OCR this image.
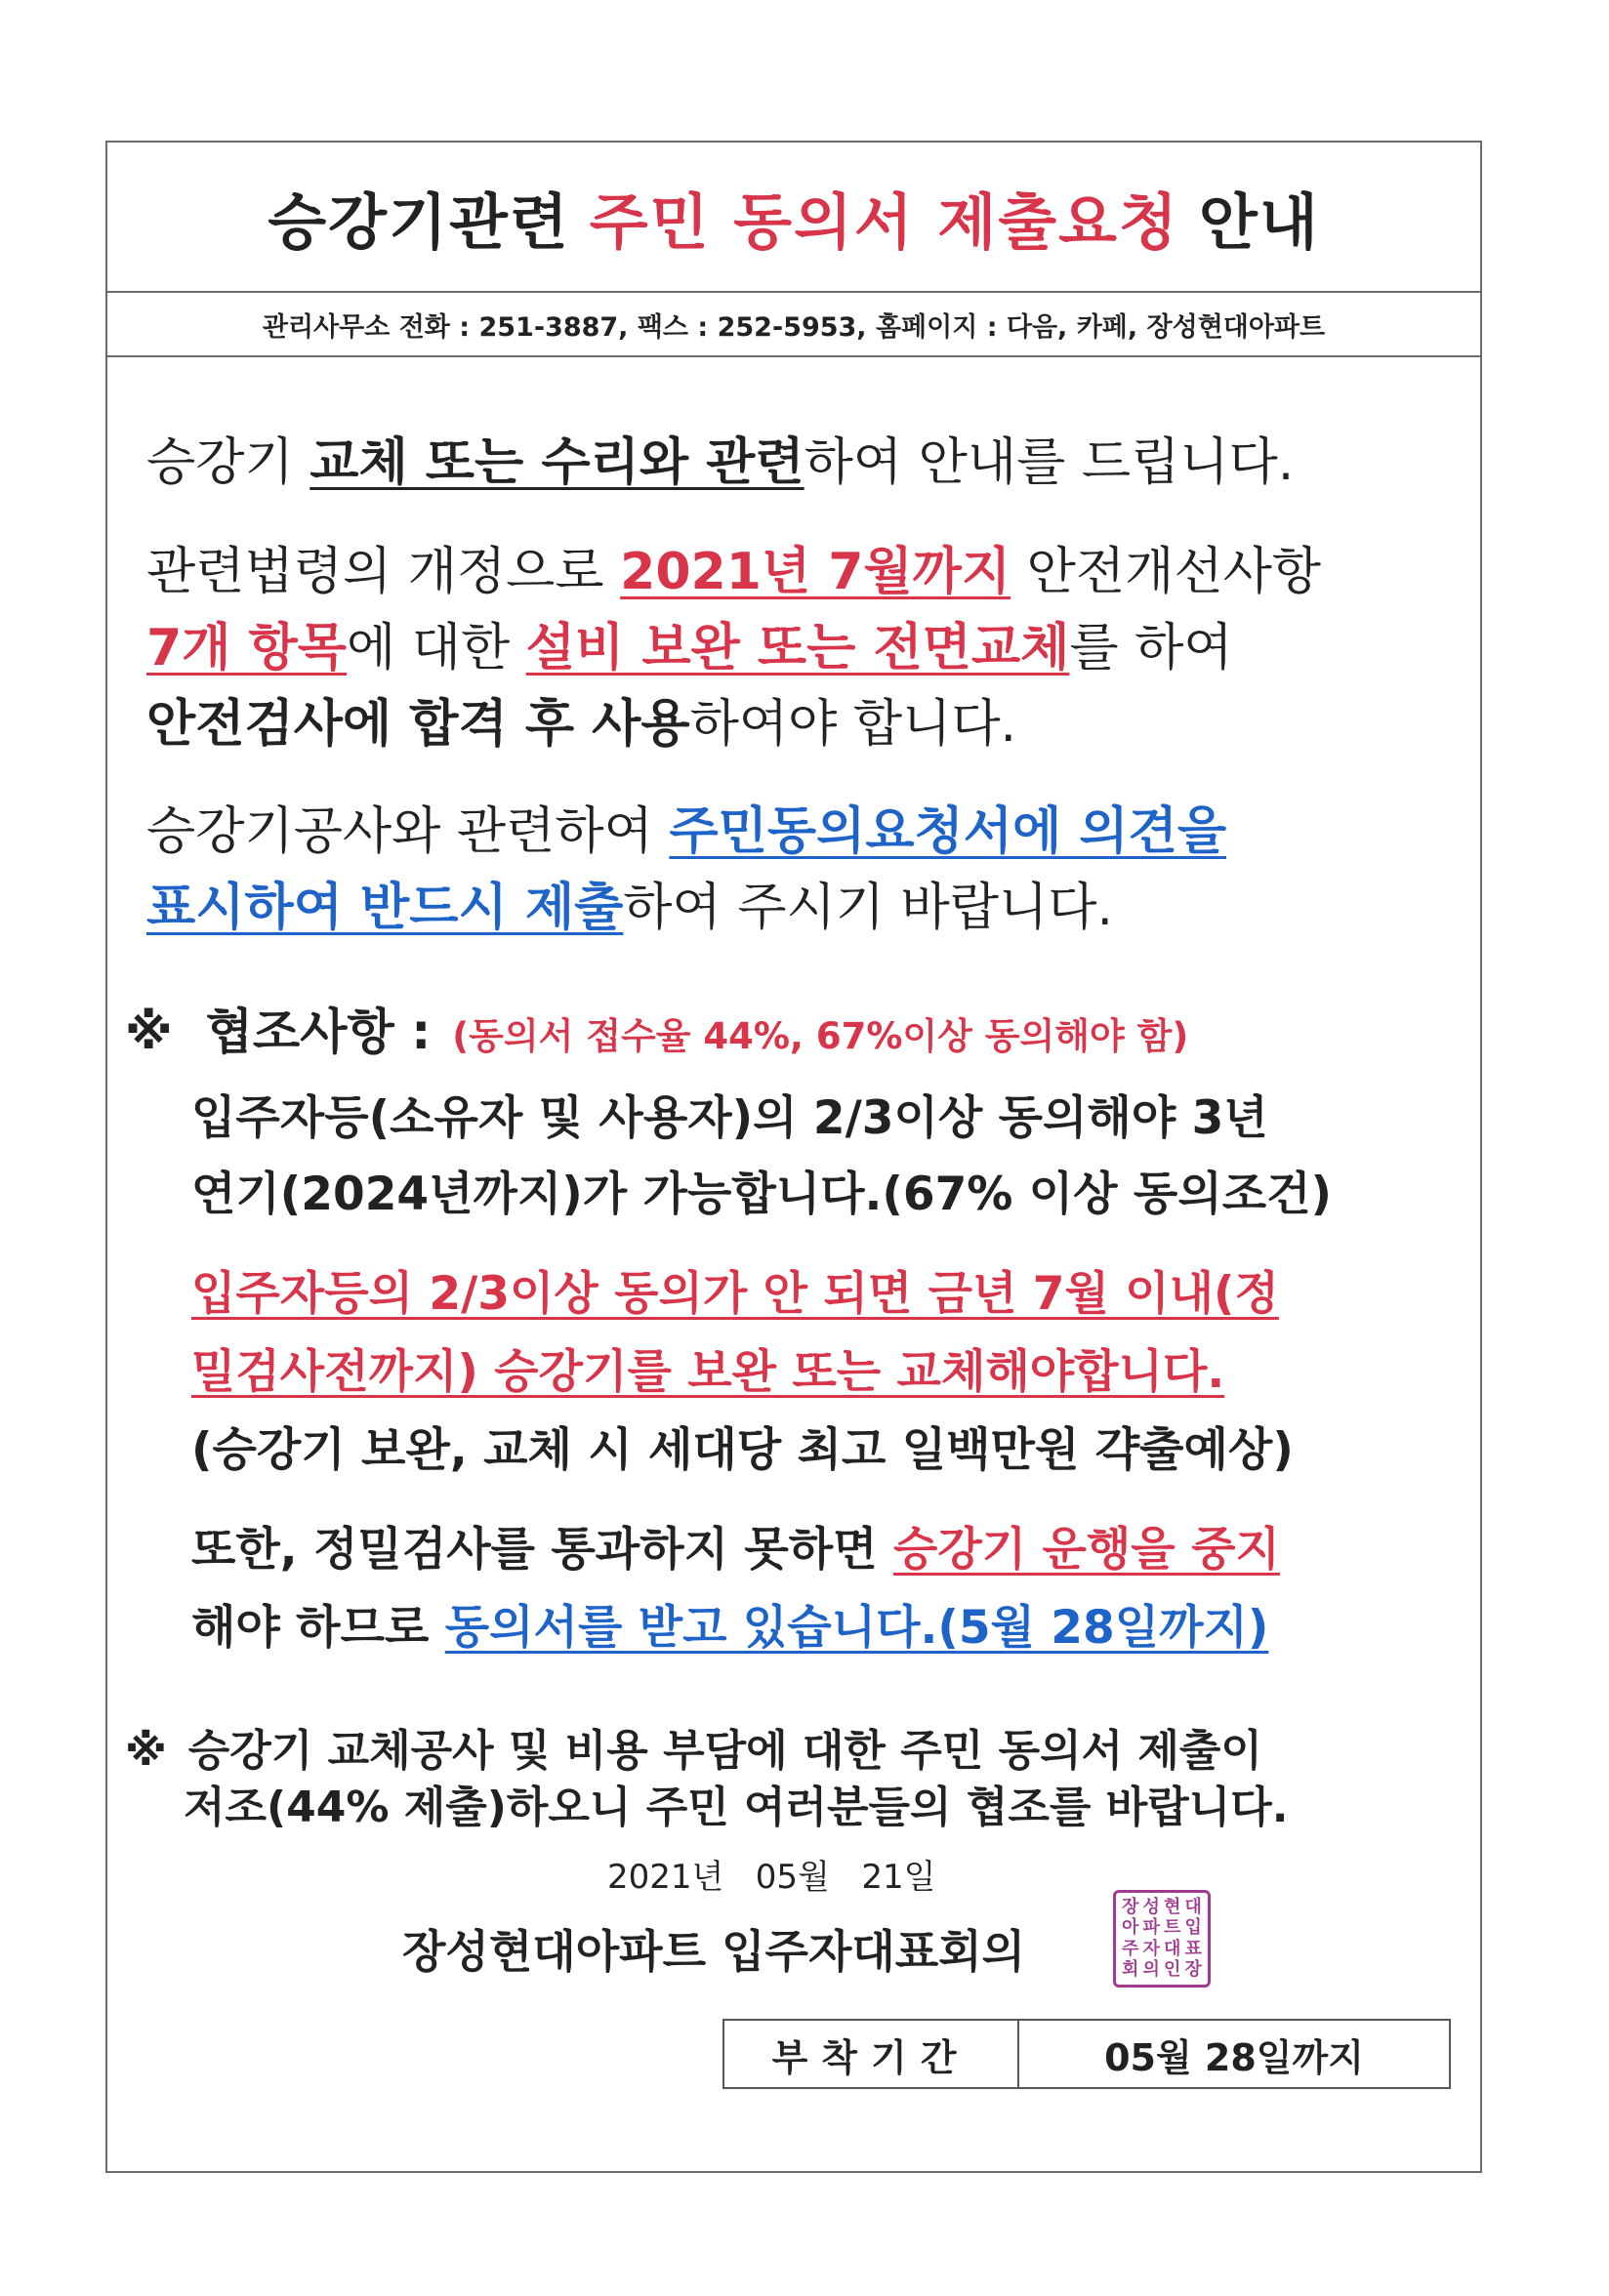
승강기관련 주민 동의서 제출요청 안내
관리사무소 전화 : 251-3887, 팩스 : 252-5953, 홈페이지 : 다음, 카페, 장성현대아파트
승강기 교체 또는 수리와 관련하여 안내를 드립니다.
관련법령의 개정으로 2021년 7월까지 안전개선사항
7개 항목에 대한 설비 보완 또는 전면교체를 하여
안전검사에 합격 후 사용하여야 합니다.
승강기공사와 관련하여 주민동의요청서에 의견을
표시하여 반드시 제출하여 주시기 바랍니다.
※ 협조사항 : (동의서 접수율 44%, 67%이상 동의해야 함)
입주자등(소유자 및 사용자)의 2/3이상 동의해야 3년
연기(2024년까지)가 가능합니다.(67% 이상 동의조건)
입주자등의 2/3이상 동의가 안 되면 금년 7월 이내(정
밀검사전까지) 승강기를 보완 또는 교체해야합니다.
(승강기 보완, 교체 시 세대당 최고 일백만원 갹출예상)
또한, 정밀검사를 통과하지 못하면 승강기 운행을 중지
해야 하므로 동의서를 받고 있습니다.(5월 28일까지)
※ 승강기 교체공사 및 비용 부담에 대한 주민 동의서 제출이
저조(44% 제출)하오니 주민 여러분들의 협조를 바랍니다.
2021년   05월   21일
장성현대아파트 입주자대표회의
장 성 현 대
아 파 트 입
주 자 대 표
회 의 인 장
부착기간	05월 28일까지
